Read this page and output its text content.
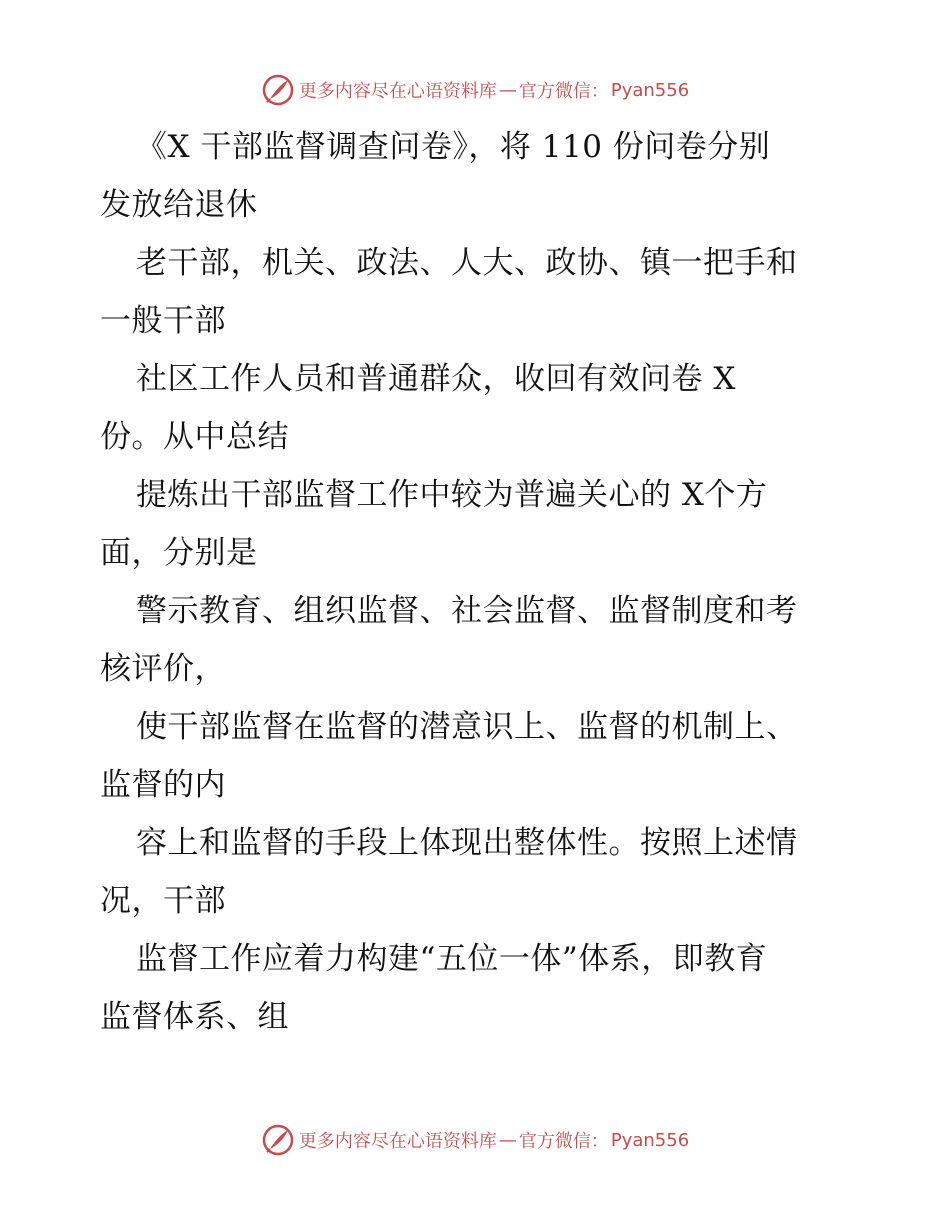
更多内容尽在心语资料库 — 官方微信： Pyan556
《X 干部监督调查问卷》，将 110 份问卷分别
发放给退休
老干部，机关、政法、人大、政协、镇一把手和
一般干部
社区工作人员和普通群众，收回有效问卷 X
份。从中总结
提炼出干部监督工作中较为普遍关心的 X个方
面，分别是
警示教育、组织监督、社会监督、监督制度和考
核评价，
使干部监督在监督的潜意识上、监督的机制上、
监督的内
容上和监督的手段上体现出整体性。按照上述情
况，干部
监督工作应着力构建“五位一体”体系，即教育
监督体系、组
更多内容尽在心语资料库 — 官方微信： Pyan556
